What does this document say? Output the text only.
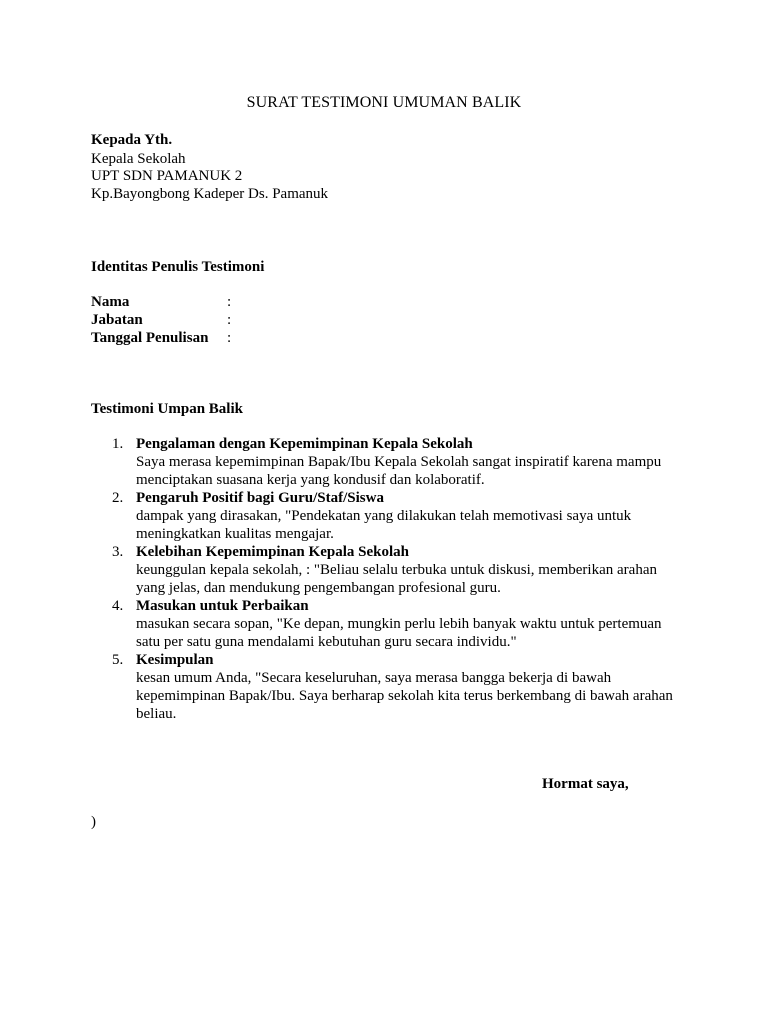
SURAT TESTIMONI UMUMAN BALIK
Kepada Yth.
Kepala Sekolah
UPT SDN PAMANUK 2
Kp.Bayongbong Kadeper Ds. Pamanuk
Identitas Penulis Testimoni
Nama	:
Jabatan	:
Tanggal Penulisan :
Testimoni Umpan Balik
1. Pengalaman dengan Kepemimpinan Kepala Sekolah
Saya merasa kepemimpinan Bapak/Ibu Kepala Sekolah sangat inspiratif karena mampu
menciptakan suasana kerja yang kondusif dan kolaboratif.
2. Pengaruh Positif bagi Guru/Staf/Siswa
dampak yang dirasakan, "Pendekatan yang dilakukan telah memotivasi saya untuk
meningkatkan kualitas mengajar.
3. Kelebihan Kepemimpinan Kepala Sekolah
keunggulan kepala sekolah, : "Beliau selalu terbuka untuk diskusi, memberikan arahan
yang jelas, dan mendukung pengembangan profesional guru.
4. Masukan untuk Perbaikan
masukan secara sopan, "Ke depan, mungkin perlu lebih banyak waktu untuk pertemuan
satu per satu guna mendalami kebutuhan guru secara individu."
5. Kesimpulan
kesan umum Anda, "Secara keseluruhan, saya merasa bangga bekerja di bawah
kepemimpinan Bapak/Ibu. Saya berharap sekolah kita terus berkembang di bawah arahan
beliau.
Hormat saya,
)
